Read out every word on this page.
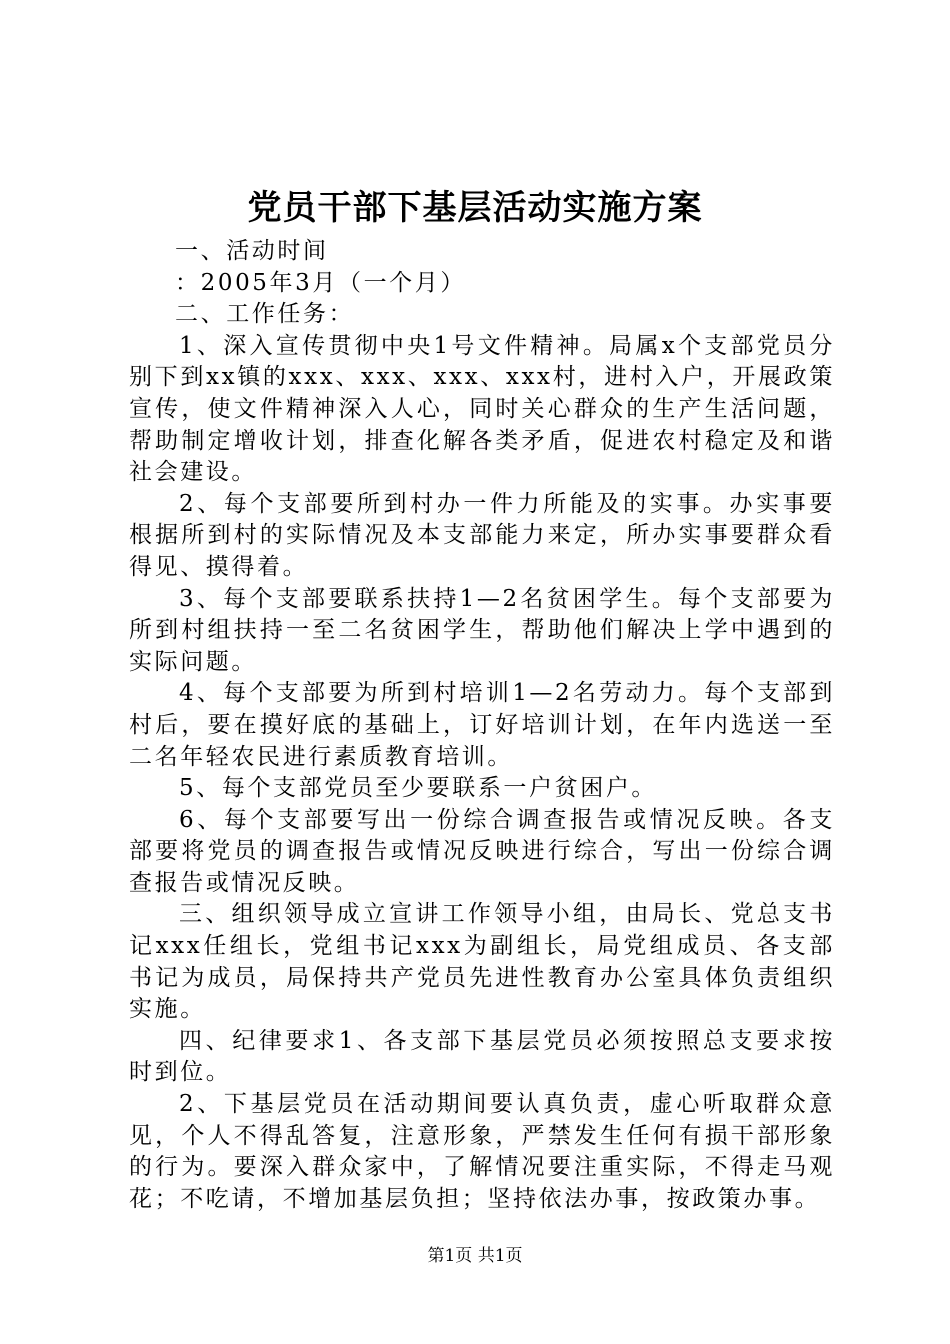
党员干部下基层活动实施方案

一、活动时间

：2005年3月（一个月）

二、工作任务：

1、深入宣传贯彻中央1号文件精神。局属x个支部党员分别下到xx镇的xxx、xxx、xxx、xxx村，进村入户，开展政策宣传，使文件精神深入人心，同时关心群众的生产生活问题，帮助制定增收计划，排查化解各类矛盾，促进农村稳定及和谐社会建设。

2、每个支部要所到村办一件力所能及的实事。办实事要根据所到村的实际情况及本支部能力来定，所办实事要群众看得见、摸得着。

3、每个支部要联系扶持1—2名贫困学生。每个支部要为所到村组扶持一至二名贫困学生，帮助他们解决上学中遇到的实际问题。

4、每个支部要为所到村培训1—2名劳动力。每个支部到村后，要在摸好底的基础上，订好培训计划，在年内选送一至二名年轻农民进行素质教育培训。

5、每个支部党员至少要联系一户贫困户。

6、每个支部要写出一份综合调查报告或情况反映。各支部要将党员的调查报告或情况反映进行综合，写出一份综合调查报告或情况反映。

三、组织领导成立宣讲工作领导小组，由局长、党总支书记xxx任组长，党组书记xxx为副组长，局党组成员、各支部书记为成员，局保持共产党员先进性教育办公室具体负责组织实施。

四、纪律要求1、各支部下基层党员必须按照总支要求按时到位。

2、下基层党员在活动期间要认真负责，虚心听取群众意见，个人不得乱答复，注意形象，严禁发生任何有损干部形象的行为。要深入群众家中，了解情况要注重实际，不得走马观花；不吃请，不增加基层负担；坚持依法办事，按政策办事。

第1页 共1页
